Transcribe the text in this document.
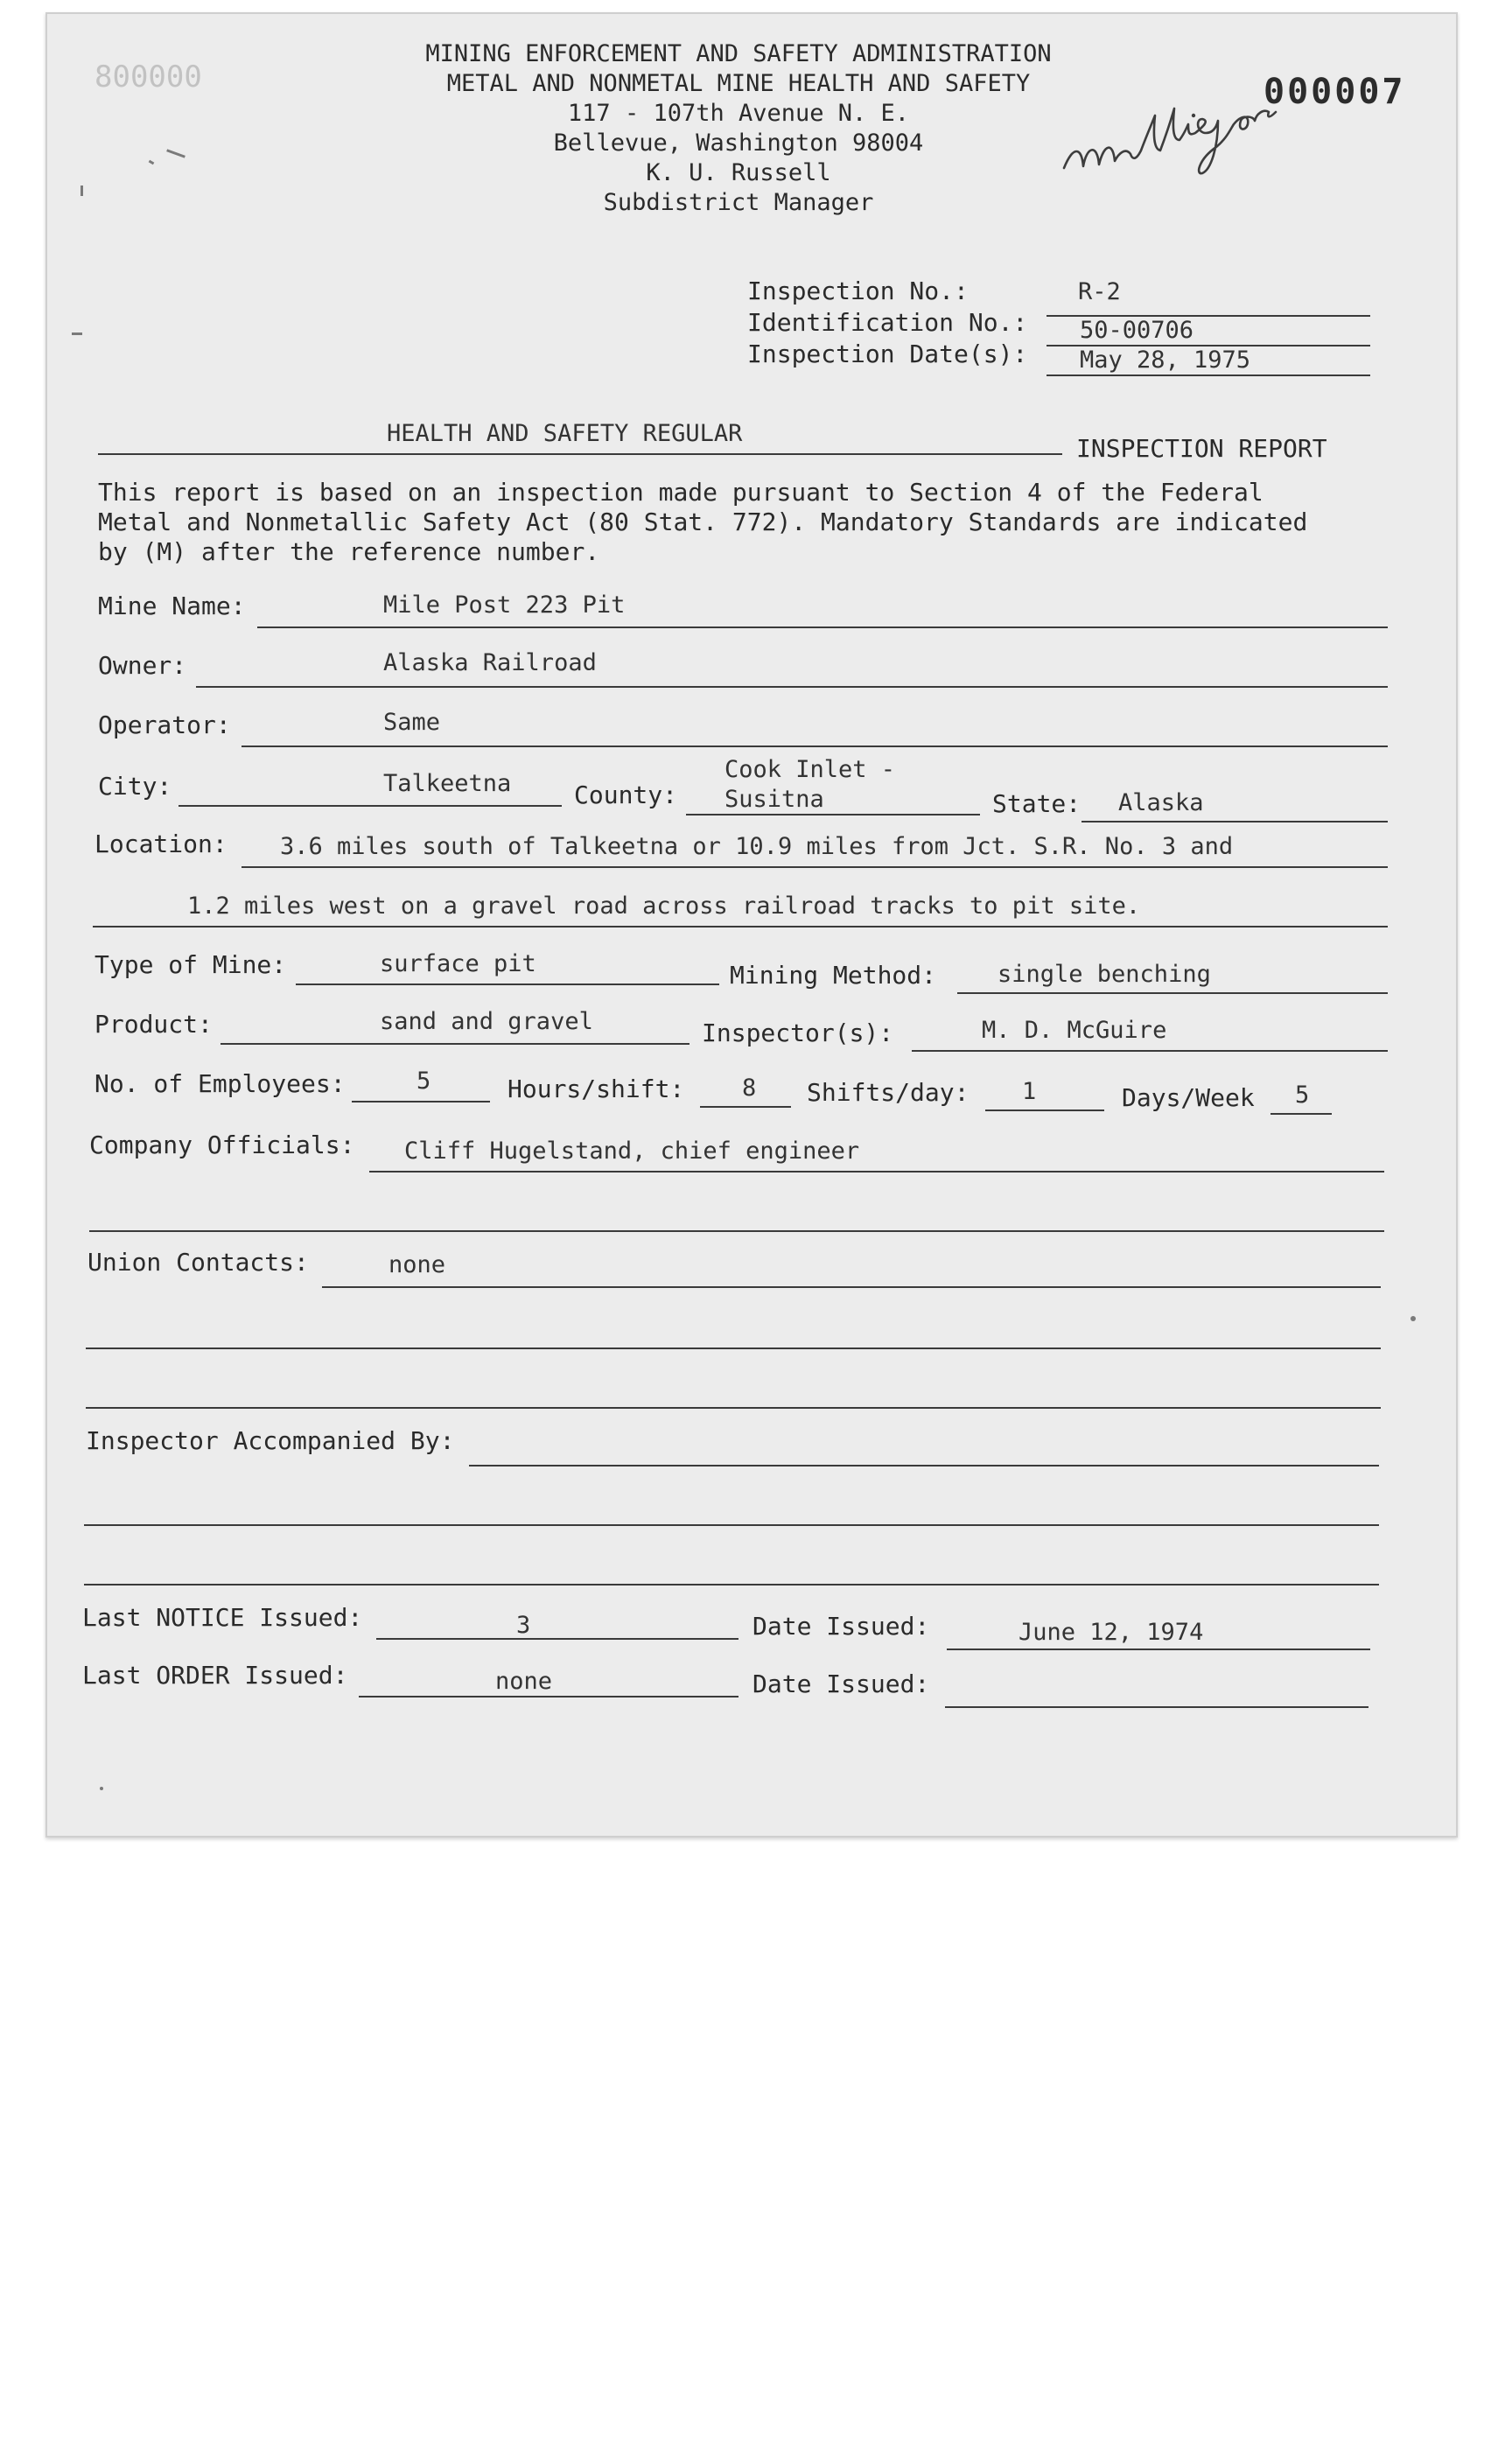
800000
MINING ENFORCEMENT AND SAFETY ADMINISTRATION
METAL AND NONMETAL MINE HEALTH AND SAFETY
117 - 107th Avenue N. E.
Bellevue, Washington 98004
K. U. Russell
Subdistrict Manager
000007
Inspection No.:	R-2
Identification No.: 50-00706
Inspection Date(s): May 28, 1975
HEALTH AND SAFETY REGULAR
INSPECTION REPORT
This report is based on an inspection made pursuant to Section 4 of the Federal
Metal and Nonmetallic Safety Act (80 Stat. 772). Mandatory Standards are indicated
by (M) after the reference number.
Mine Name:	Mile Post 223 Pit
Owner:	Alaska Railroad
Operator:	Same
City:	Talkeetna	County:
Cook Inlet -
Susitna	State: Alaska
Location: 3.6 miles south of Talkeetna or 10.9 miles from Jct. S.R. No. 3 and
1.2 miles west on a gravel road across railroad tracks to pit site.
Type of Mine:	surface pit	Mining Method:	single benching
Product:	sand and gravel	Inspector(s):	M. D. McGuire
No. of Employees:	5	Hours/shift: 8 Shifts/day: 1	Days/Week 5
Company Officials: Cliff Hugelstand, chief engineer
Union Contacts:	none
Inspector Accompanied By:
Last NOTICE Issued:	3	Date Issued:	June 12, 1974
Last ORDER Issued:	none	Date Issued:
